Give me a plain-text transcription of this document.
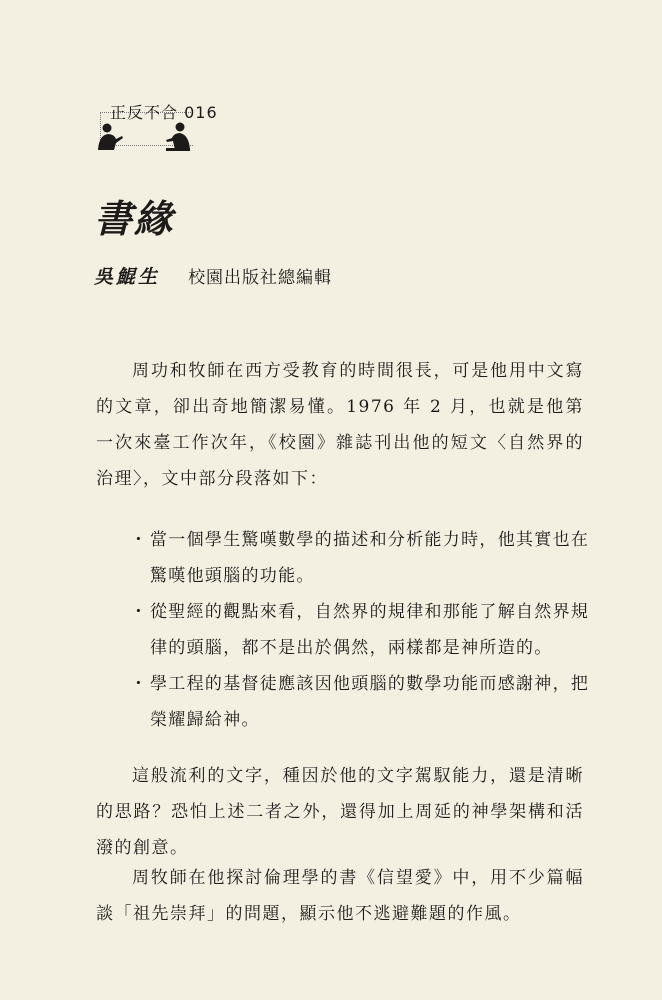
正反不合 016
書緣
吳鯤生 校園出版社總編輯

周功和牧師在西方受教育的時間很長，可是他用中文寫的文章，卻出奇地簡潔易懂。1976 年 2 月，也就是他第一次來臺工作次年，《校園》雜誌刊出他的短文〈自然界的治理〉，文中部分段落如下：

・ 當一個學生驚嘆數學的描述和分析能力時，他其實也在驚嘆他頭腦的功能。
・ 從聖經的觀點來看，自然界的規律和那能了解自然界規律的頭腦，都不是出於偶然，兩樣都是神所造的。
・ 學工程的基督徒應該因他頭腦的數學功能而感謝神，把榮耀歸給神。

這般流利的文字，種因於他的文字駕馭能力，還是清晰的思路？恐怕上述二者之外，還得加上周延的神學架構和活潑的創意。

周牧師在他探討倫理學的書《信望愛》中，用不少篇幅談「祖先崇拜」的問題，顯示他不逃避難題的作風。
